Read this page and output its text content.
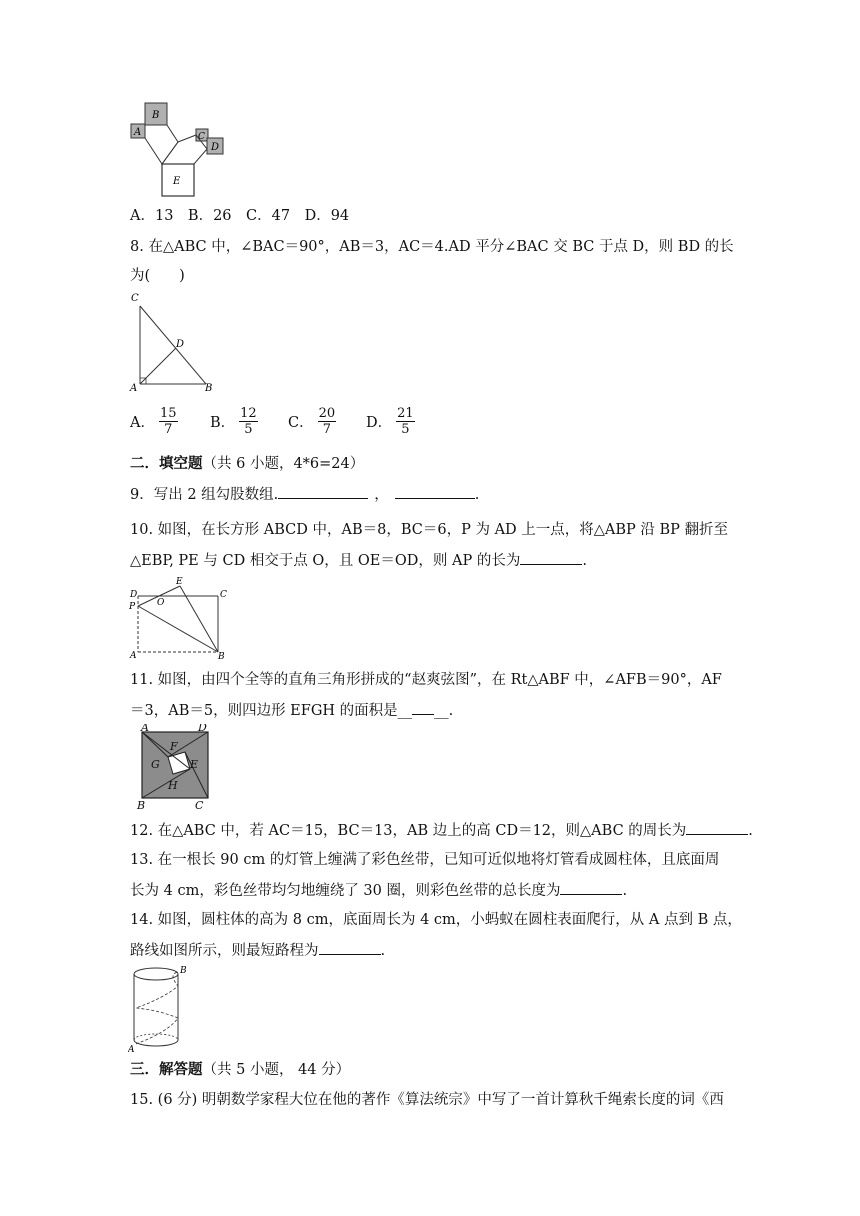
B
A	C
D
E
A．13　B．26　C．47　D．94
8. 在△ABC 中，∠BAC＝90°，AB＝3，AC＝4.AD 平分∠BAC 交 BC 于点 D，则 BD 的长
为(　　)
C
D
A	B
A． $\frac{15}{7}$ B． $\frac{12}{5}$ C． $\frac{20}{7}$ D． $\frac{21}{5}$
二．填空题（共 6 小题，4*6=24）
9．写出 2 组勾股数组.	，	.
10. 如图，在长方形 ABCD 中，AB＝8，BC＝6，P 为 AD 上一点，将△ABP 沿 BP 翻折至
△EBP, PE 与 CD 相交于点 O，且 OE＝OD，则 AP 的长为	.
E
D
P O
C
A	B
11. 如图，由四个全等的直角三角形拼成的“赵爽弦图”，在 Rt△ABF 中，∠AFB＝90°，AF
＝3，AB＝5，则四边形 EFGH 的面积是__ __.
A	D
F
G	E
H
B	C
12. 在△ABC 中，若 AC＝15，BC＝13，AB 边上的高 CD＝12，则△ABC 的周长为	.
13. 在一根长 90 cm 的灯管上缠满了彩色丝带，已知可近似地将灯管看成圆柱体，且底面周
长为 4 cm，彩色丝带均匀地缠绕了 30 圈，则彩色丝带的总长度为	.
14. 如图，圆柱体的高为 8 cm，底面周长为 4 cm，小蚂蚁在圆柱表面爬行，从 A 点到 B 点，
路线如图所示，则最短路程为	.
B
A
三．解答题（共 5 小题， 44 分）
15. (6 分) 明朝数学家程大位在他的著作《算法统宗》中写了一首计算秋千绳索长度的词《西
